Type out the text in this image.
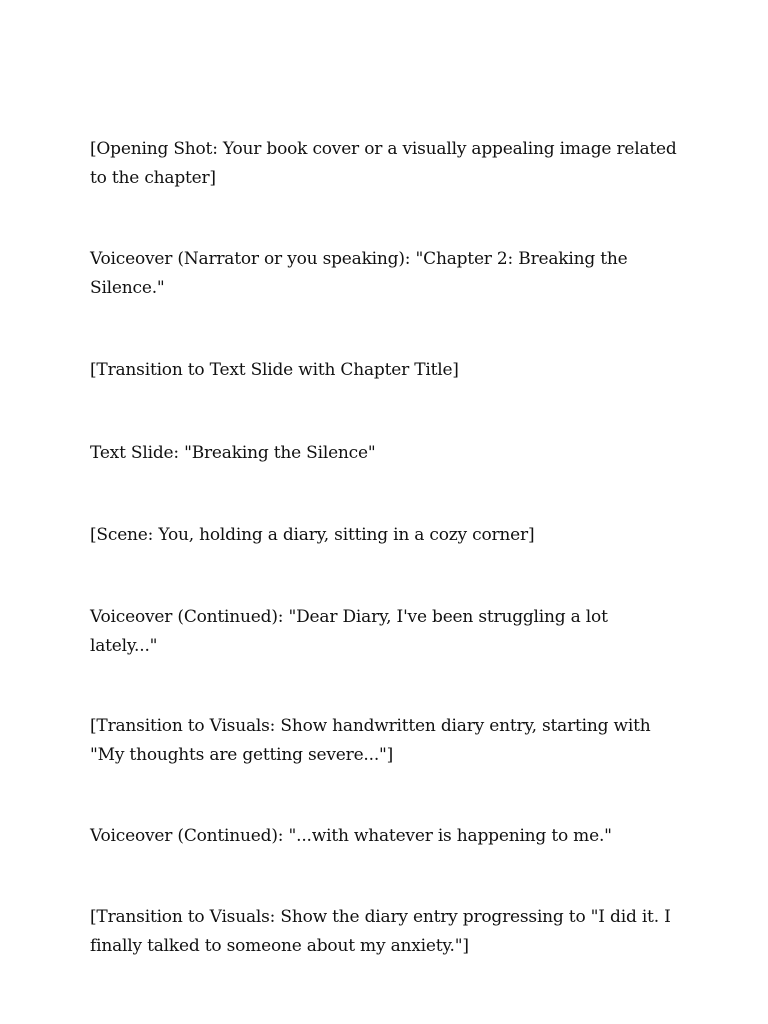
[Opening Shot: Your book cover or a visually appealing image related to the chapter]

Voiceover (Narrator or you speaking): "Chapter 2: Breaking the Silence."

[Transition to Text Slide with Chapter Title]

Text Slide: "Breaking the Silence"

[Scene: You, holding a diary, sitting in a cozy corner]

Voiceover (Continued): "Dear Diary, I've been struggling a lot lately..."

[Transition to Visuals: Show handwritten diary entry, starting with "My thoughts are getting severe..."]

Voiceover (Continued): "...with whatever is happening to me."

[Transition to Visuals: Show the diary entry progressing to "I did it. I finally talked to someone about my anxiety."]
